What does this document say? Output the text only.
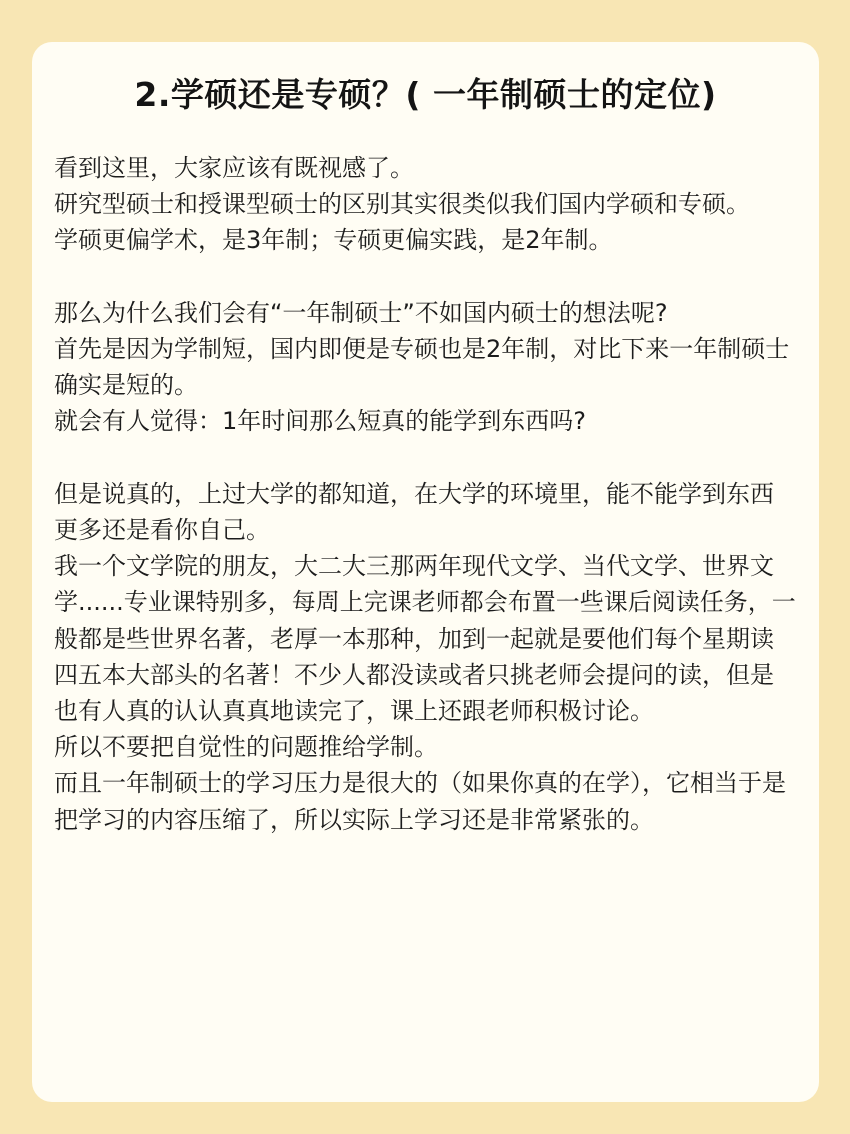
2.学硕还是专硕？( 一年制硕士的定位)

看到这里，大家应该有既视感了。

研究型硕士和授课型硕士的区别其实很类似我们国内学硕和专硕。

学硕更偏学术，是3年制；专硕更偏实践，是2年制。

那么为什么我们会有“一年制硕士”不如国内硕士的想法呢?

首先是因为学制短，国内即便是专硕也是2年制，对比下来一年制硕士确实是短的。

就会有人觉得：1年时间那么短真的能学到东西吗?

但是说真的，上过大学的都知道，在大学的环境里，能不能学到东西更多还是看你自己。

我一个文学院的朋友，大二大三那两年现代文学、当代文学、世界文学......专业课特别多，每周上完课老师都会布置一些课后阅读任务，一般都是些世界名著，老厚一本那种，加到一起就是要他们每个星期读四五本大部头的名著！不少人都没读或者只挑老师会提问的读，但是也有人真的认认真真地读完了，课上还跟老师积极讨论。

所以不要把自觉性的问题推给学制。

而且一年制硕士的学习压力是很大的（如果你真的在学），它相当于是把学习的内容压缩了，所以实际上学习还是非常紧张的。
